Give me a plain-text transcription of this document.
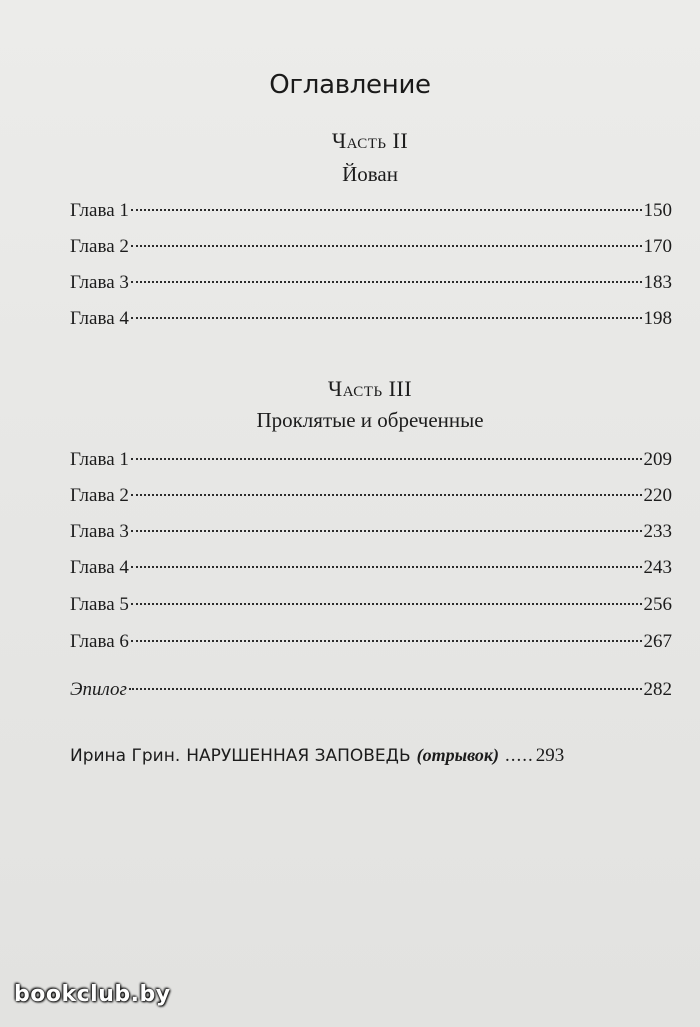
Оглавление
Часть II
Йован
Глава 1	150
Глава 2	170
Глава 3	183
Глава 4	198
Часть III
Проклятые и обреченные
Глава 1	209
Глава 2	220
Глава 3	233
Глава 4	243
Глава 5	256
Глава 6	267
Эпилог	282
Ирина Грин. НАРУШЕННАЯ ЗАПОВЕДЬ (отрывок) ..... 293
bookclub.by
